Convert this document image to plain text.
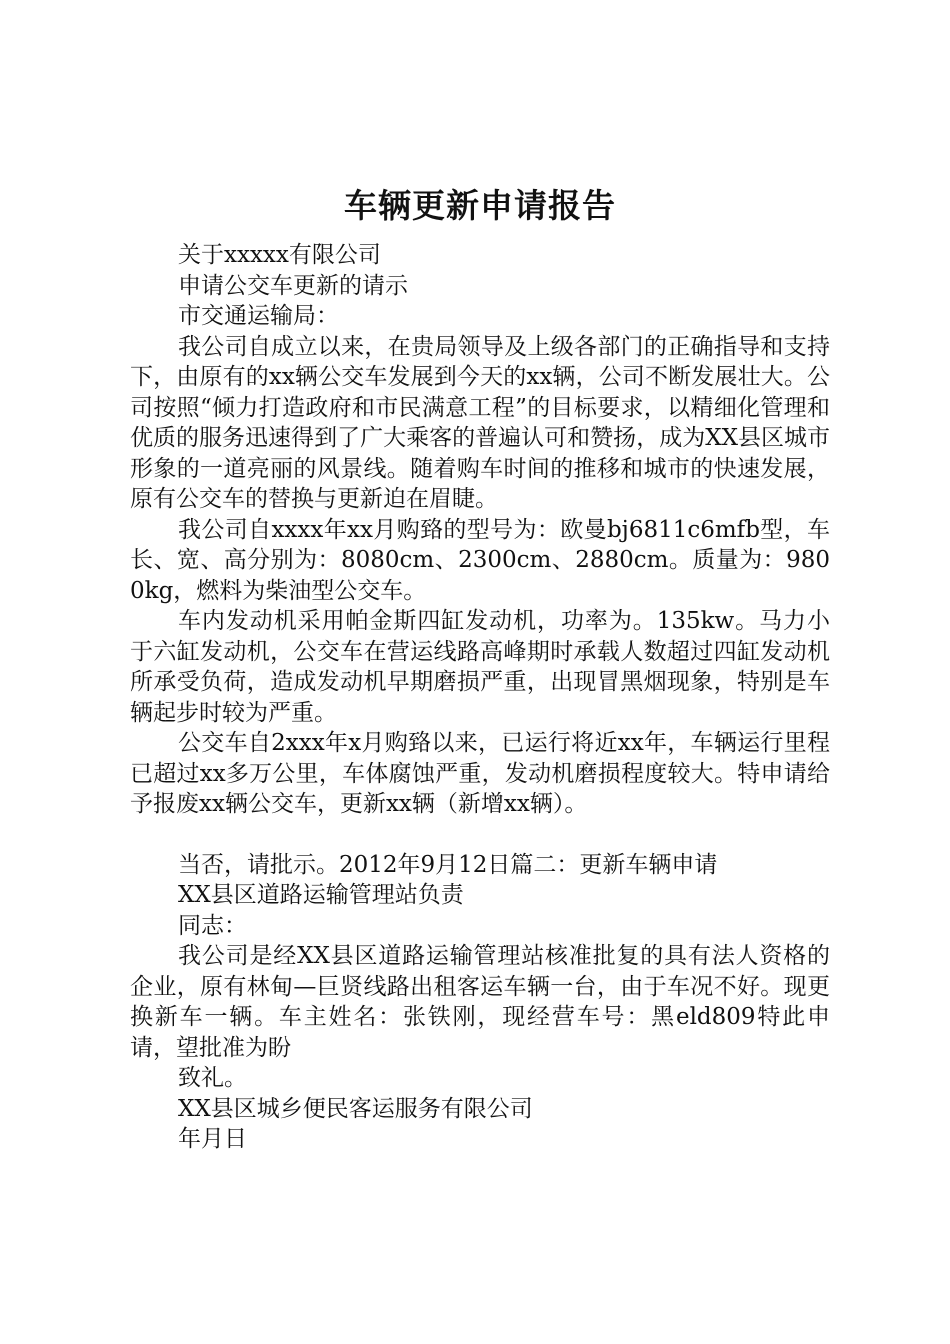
车辆更新申请报告

关于xxxxx有限公司

申请公交车更新的请示

市交通运输局：

我公司自成立以来，在贵局领导及上级各部门的正确指导和支持下，由原有的xx辆公交车发展到今天的xx辆，公司不断发展壮大。公司按照“倾力打造政府和市民满意工程”的目标要求，以精细化管理和优质的服务迅速得到了广大乘客的普遍认可和赞扬，成为XX县区城市形象的一道亮丽的风景线。随着购车时间的推移和城市的快速发展，原有公交车的替换与更新迫在眉睫。

我公司自xxxx年xx月购臵的型号为：欧曼bj6811c6mfb型，车长、宽、高分别为：8080cm、2300cm、2880cm。质量为：9800kg，燃料为柴油型公交车。

车内发动机采用帕金斯四缸发动机，功率为。135kw。马力小于六缸发动机，公交车在营运线路高峰期时承载人数超过四缸发动机所承受负荷，造成发动机早期磨损严重，出现冒黑烟现象，特别是车辆起步时较为严重。

公交车自2xxx年x月购臵以来，已运行将近xx年，车辆运行里程已超过xx多万公里，车体腐蚀严重，发动机磨损程度较大。特申请给予报废xx辆公交车，更新xx辆（新增xx辆）。

当否，请批示。2012年9月12日篇二：更新车辆申请

XX县区道路运输管理站负责

同志：

我公司是经XX县区道路运输管理站核准批复的具有法人资格的企业，原有林甸—巨贤线路出租客运车辆一台，由于车况不好。现更换新车一辆。车主姓名：张铁刚，现经营车号：黑eld809特此申请，望批准为盼

致礼。

XX县区城乡便民客运服务有限公司

年月日
